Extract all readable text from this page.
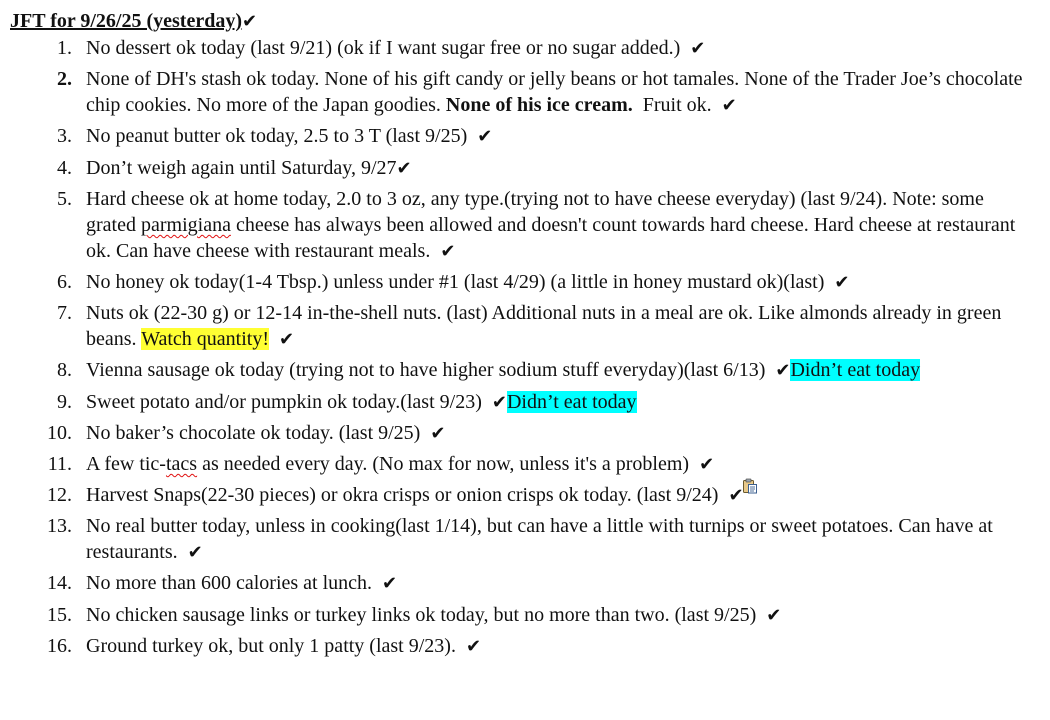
JFT for 9/26/25 (yesterday)✔
1. No dessert ok today (last 9/21) (ok if I want sugar free or no sugar added.) ✔
2. None of DH's stash ok today. None of his gift candy or jelly beans or hot tamales. None of the Trader Joe’s chocolate chip cookies. No more of the Japan goodies. None of his ice cream. Fruit ok. ✔
3. No peanut butter ok today, 2.5 to 3 T (last 9/25) ✔
4. Don’t weigh again until Saturday, 9/27✔
5. Hard cheese ok at home today, 2.0 to 3 oz, any type.(trying not to have cheese everyday) (last 9/24). Note: some grated parmigiana cheese has always been allowed and doesn't count towards hard cheese. Hard cheese at restaurant ok. Can have cheese with restaurant meals. ✔
6. No honey ok today(1-4 Tbsp.) unless under #1 (last 4/29) (a little in honey mustard ok)(last) ✔
7. Nuts ok (22-30 g) or 12-14 in-the-shell nuts. (last) Additional nuts in a meal are ok. Like almonds already in green beans. Watch quantity! ✔
8. Vienna sausage ok today (trying not to have higher sodium stuff everyday)(last 6/13) ✔Didn’t eat today
9. Sweet potato and/or pumpkin ok today.(last 9/23) ✔Didn’t eat today
10. No baker’s chocolate ok today. (last 9/25) ✔
11. A few tic-tacs as needed every day. (No max for now, unless it's a problem) ✔
12. Harvest Snaps(22-30 pieces) or okra crisps or onion crisps ok today. (last 9/24) ✔
13. No real butter today, unless in cooking(last 1/14), but can have a little with turnips or sweet potatoes. Can have at restaurants. ✔
14. No more than 600 calories at lunch. ✔
15. No chicken sausage links or turkey links ok today, but no more than two. (last 9/25) ✔
16. Ground turkey ok, but only 1 patty (last 9/23). ✔
